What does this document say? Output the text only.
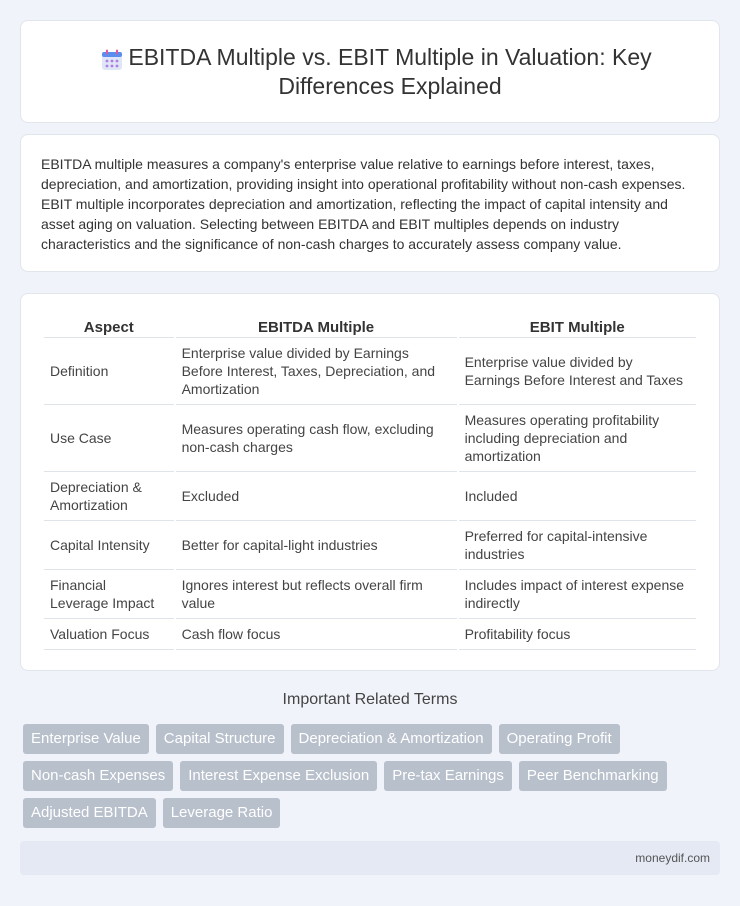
EBITDA Multiple vs. EBIT Multiple in Valuation: Key Differences Explained

EBITDA multiple measures a company's enterprise value relative to earnings before interest, taxes, depreciation, and amortization, providing insight into operational profitability without non-cash expenses. EBIT multiple incorporates depreciation and amortization, reflecting the impact of capital intensity and asset aging on valuation. Selecting between EBITDA and EBIT multiples depends on industry characteristics and the significance of non-cash charges to accurately assess company value.

Aspect	EBITDA Multiple	EBIT Multiple
Definition	Enterprise value divided by Earnings Before Interest, Taxes, Depreciation, and Amortization	Enterprise value divided by Earnings Before Interest and Taxes
Use Case	Measures operating cash flow, excluding non-cash charges	Measures operating profitability including depreciation and amortization
Depreciation & Amortization	Excluded	Included
Capital Intensity	Better for capital-light industries	Preferred for capital-intensive industries
Financial Leverage Impact	Ignores interest but reflects overall firm value	Includes impact of interest expense indirectly
Valuation Focus	Cash flow focus	Profitability focus
Important Related Terms
Enterprise Value	Capital Structure	Depreciation & Amortization	Operating Profit
Non-cash Expenses	Interest Expense Exclusion	Pre-tax Earnings	Peer Benchmarking
Adjusted EBITDA	Leverage Ratio
moneydif.com
